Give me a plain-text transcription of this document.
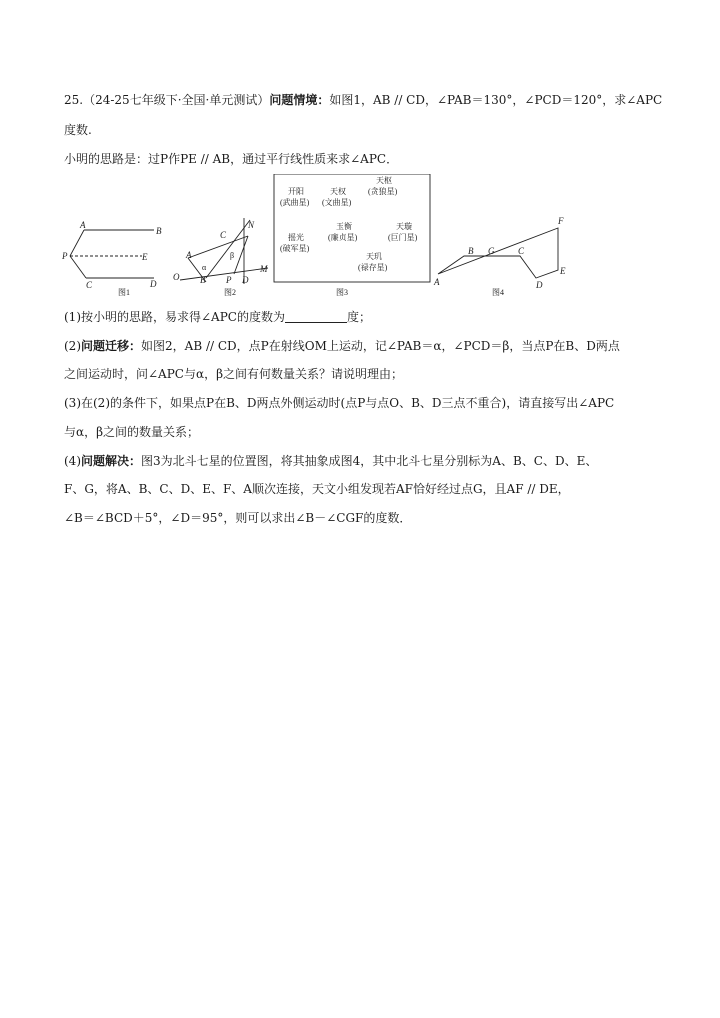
25.（24-25七年级下·全国·单元测试）问题情境：如图1，AB // CD，∠PAB＝130°，∠PCD＝120°，求∠APC
度数.
小明的思路是：过P作PE // AB，通过平行线性质来求∠APC．
A
B
P	E
C	D
图1
N
C
A	β
α
O B P D
M
图2
天枢
(贪狼星)
开阳
(武曲星)
天权
(文曲星)
玉衡
(廉贞星)
摇光
(破军星)
天璇
(巨门星)
天玑
(禄存星)
图3
F
B G	C
A
E
D
图4
(1)按小明的思路，易求得∠APC的度数为	度；
(2)问题迁移：如图2，AB // CD，点P在射线OM上运动，记∠PAB＝α，∠PCD＝β，当点P在B、D两点
之间运动时，问∠APC与α，β之间有何数量关系？请说明理由；
(3)在(2)的条件下，如果点P在B、D两点外侧运动时(点P与点O、B、D三点不重合)，请直接写出∠APC
与α，β之间的数量关系；
(4)问题解决：图3为北斗七星的位置图，将其抽象成图4，其中北斗七星分别标为A、B、C、D、E、
F、G，将A、B、C、D、E、F、A顺次连接，天文小组发现若AF恰好经过点G，且AF // DE，
∠B＝∠BCD＋5°，∠D＝95°，则可以求出∠B－∠CGF的度数．
